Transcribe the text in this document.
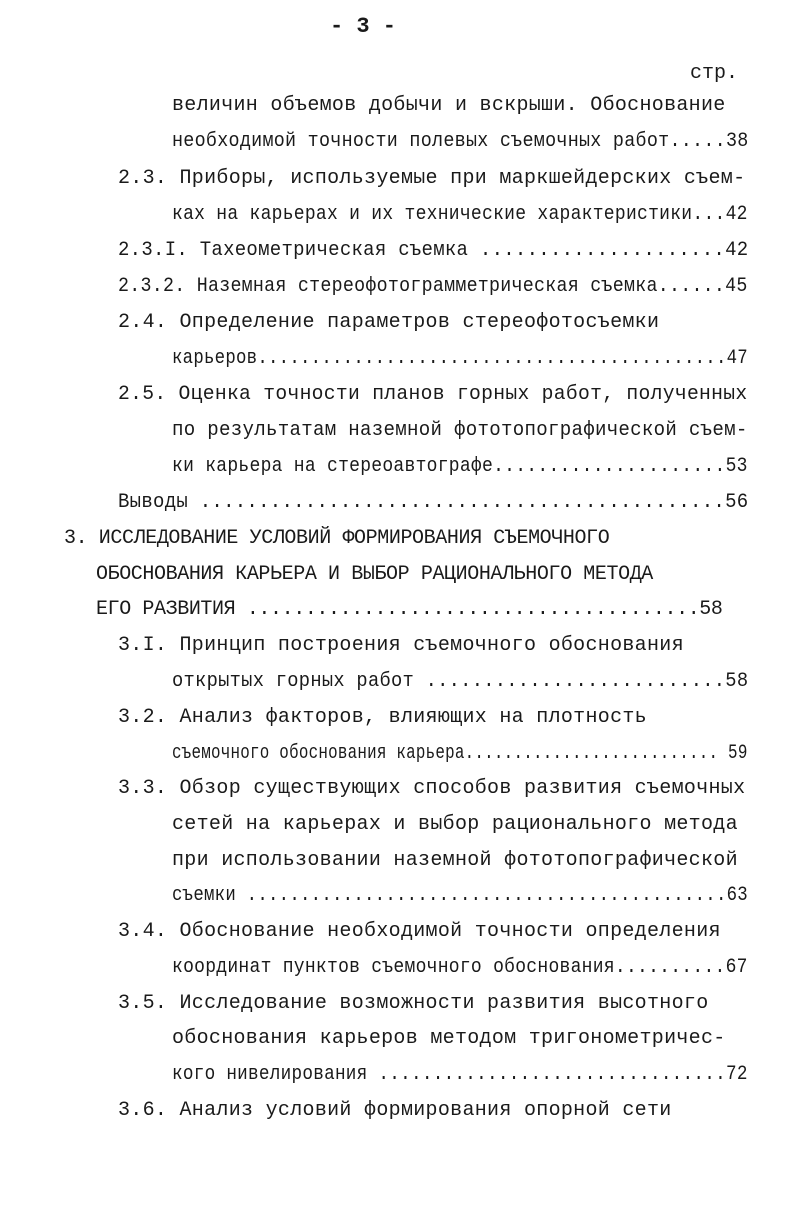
- 3 -
стр.
величин объемов добычи и вскрыши. Обоснование
необходимой точности полевых съемочных работ.....38
2.3. Приборы, используемые при маркшейдерских съем-
ках на карьерах и их технические характеристики...42
2.3.I. Тахеометрическая съемка .....................42
2.3.2. Наземная стереофотограмметрическая съемка......45
2.4. Определение параметров стереофотосъемки
карьеров............................................47
2.5. Оценка точности планов горных работ, полученных
по результатам наземной фототопографической съем-
ки карьера на стереоавтографе.....................53
Выводы .............................................56
3. ИССЛЕДОВАНИЕ УСЛОВИЙ ФОРМИРОВАНИЯ СЪЕМОЧНОГО
ОБОСНОВАНИЯ КАРЬЕРА И ВЫБОР РАЦИОНАЛЬНОГО МЕТОДА
ЕГО РАЗВИТИЯ .......................................58
3.I. Принцип построения съемочного обоснования
открытых горных работ ..........................58
3.2. Анализ факторов, влияющих на плотность
съемочного обоснования карьера.......................... 59
3.3. Обзор существующих способов развития съемочных
сетей на карьерах и выбор рационального метода
при использовании наземной фототопографической
съемки .............................................63
3.4. Обоснование необходимой точности определения
координат пунктов съемочного обоснования..........67
3.5. Исследование возможности развития высотного
обоснования карьеров методом тригонометричес-
кого нивелирования ................................72
3.6. Анализ условий формирования опорной сети
